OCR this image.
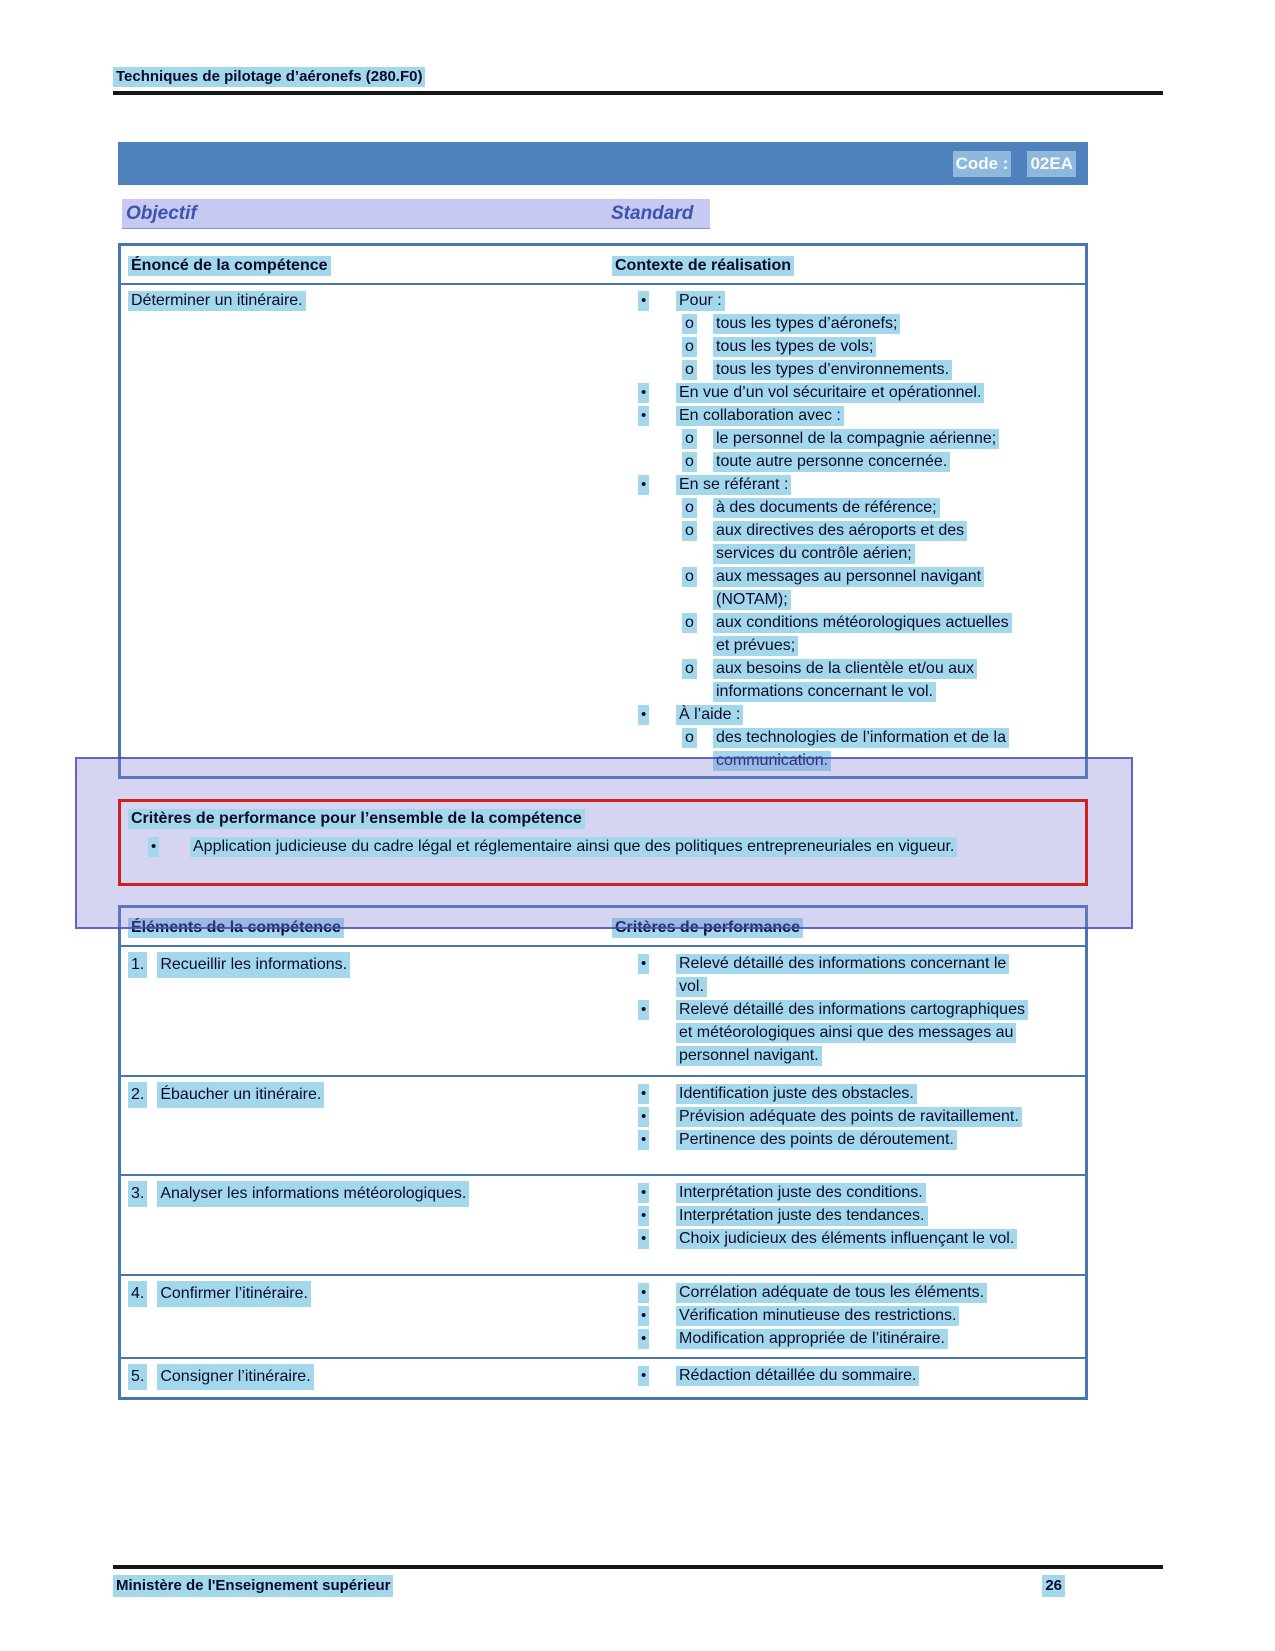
Techniques de pilotage d’aéronefs (280.F0)
Code : 02EA
Objectif	Standard
Énoncé de la compétence	Contexte de réalisation
Déterminer un itinéraire.	•	Pour :
o	tous les types d’aéronefs;
o	tous les types de vols;
o	tous les types d’environnements.
•	En vue d’un vol sécuritaire et opérationnel.
•	En collaboration avec :
o	le personnel de la compagnie aérienne;
o	toute autre personne concernée.
•	En se référant :
o	à des documents de référence;
o	aux directives des aéroports et des services du contrôle aérien;
o	aux messages au personnel navigant (NOTAM);
o	aux conditions météorologiques actuelles et prévues;
o	aux besoins de la clientèle et/ou aux informations concernant le vol.
•	À l’aide :
o	des technologies de l’information et de la communication.
Critères de performance pour l’ensemble de la compétence
•	Application judicieuse du cadre légal et réglementaire ainsi que des politiques entrepreneuriales en vigueur.
Éléments de la compétence	Critères de performance
1. Recueillir les informations.	•	Relevé détaillé des informations concernant le vol.
•	Relevé détaillé des informations cartographiques et météorologiques ainsi que des messages au personnel navigant.
2. Ébaucher un itinéraire.	•	Identification juste des obstacles.
•	Prévision adéquate des points de ravitaillement.
•	Pertinence des points de déroutement.
3. Analyser les informations météorologiques.	•	Interprétation juste des conditions.
•	Interprétation juste des tendances.
•	Choix judicieux des éléments influençant le vol.
4. Confirmer l’itinéraire.	•	Corrélation adéquate de tous les éléments.
•	Vérification minutieuse des restrictions.
•	Modification appropriée de l’itinéraire.
5. Consigner l’itinéraire.	•	Rédaction détaillée du sommaire.
Ministère de l'Enseignement supérieur	26
